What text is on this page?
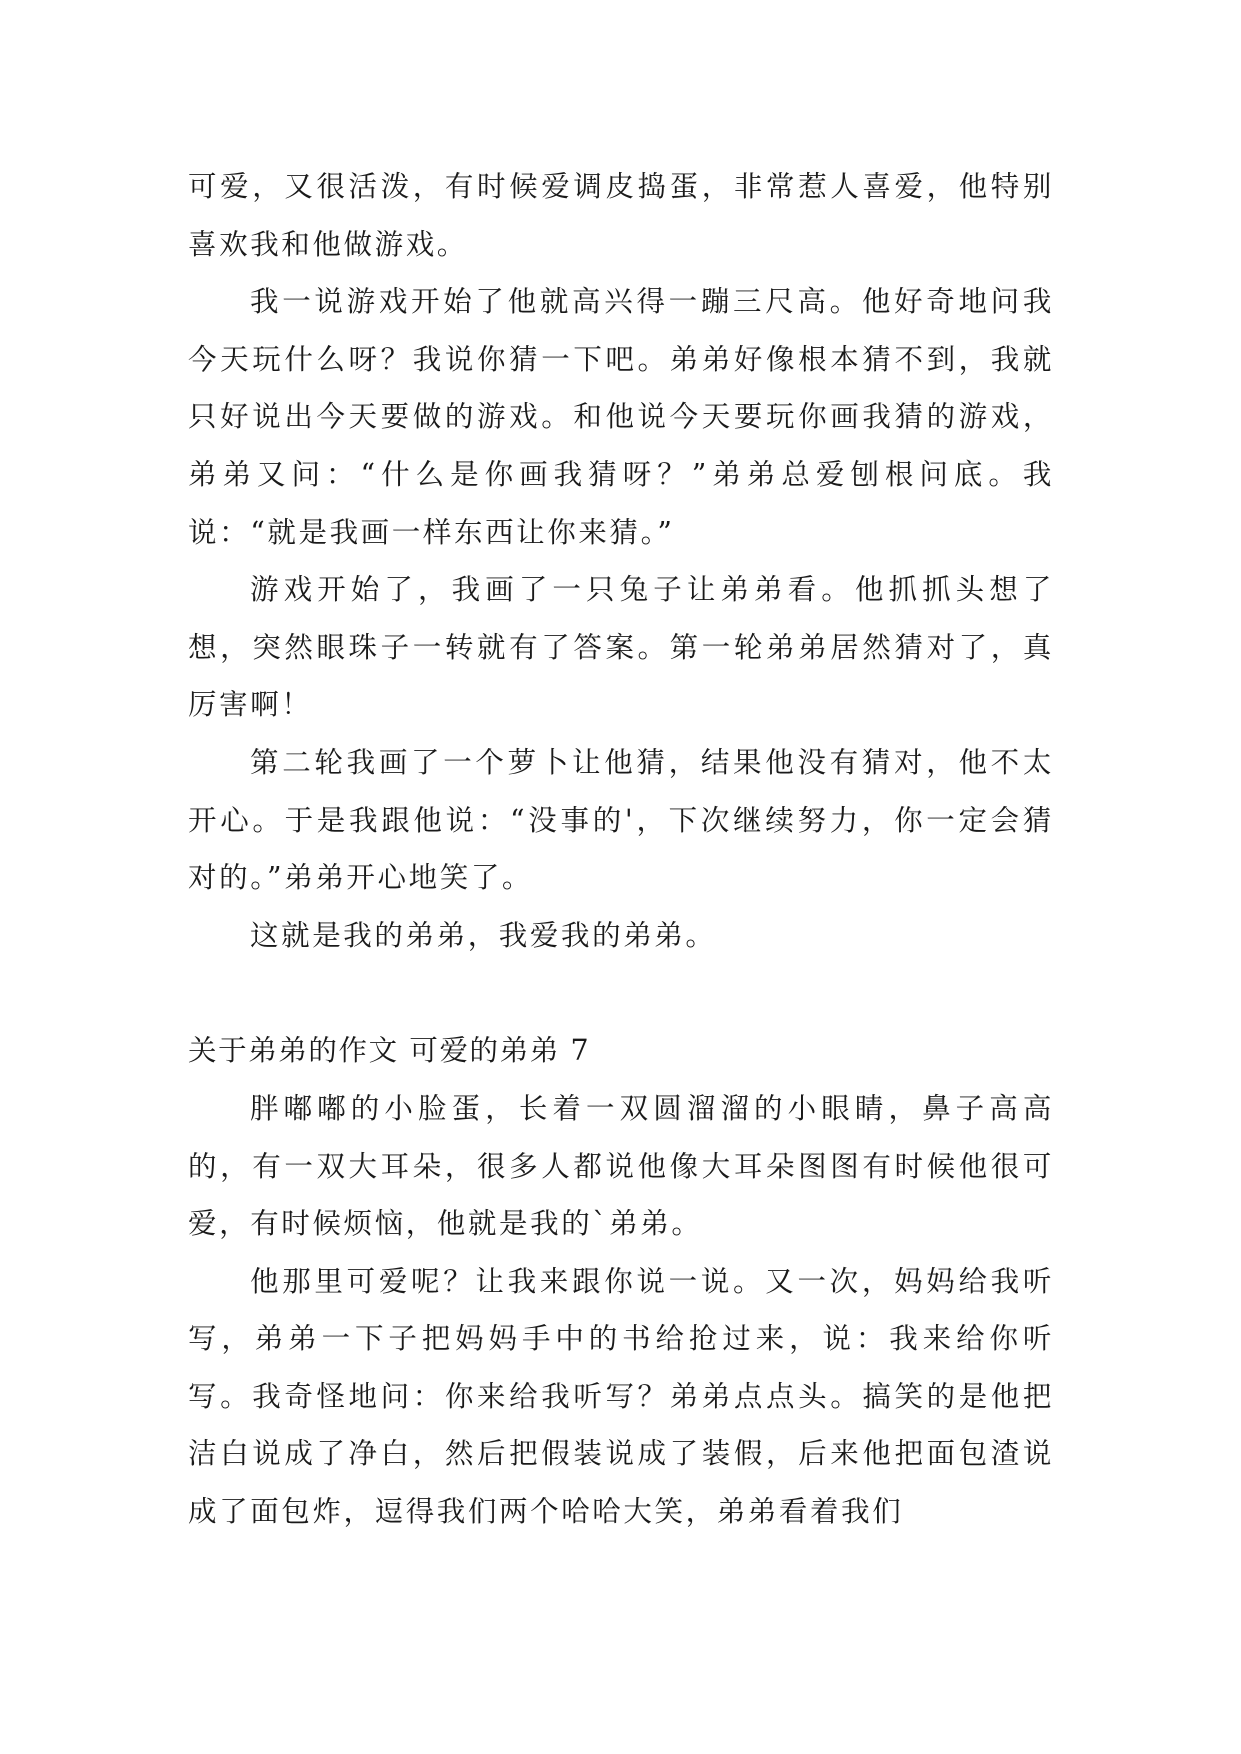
可爱，又很活泼，有时候爱调皮捣蛋，非常惹人喜爱，他特别喜欢我和他做游戏。

我一说游戏开始了他就高兴得一蹦三尺高。他好奇地问我今天玩什么呀？我说你猜一下吧。弟弟好像根本猜不到，我就只好说出今天要做的游戏。和他说今天要玩你画我猜的游戏，弟弟又问：“什么是你画我猜呀？”弟弟总爱刨根问底。我说：“就是我画一样东西让你来猜。”

游戏开始了，我画了一只兔子让弟弟看。他抓抓头想了想，突然眼珠子一转就有了答案。第一轮弟弟居然猜对了，真厉害啊！

第二轮我画了一个萝卜让他猜，结果他没有猜对，他不太开心。于是我跟他说：“没事的'，下次继续努力，你一定会猜对的。”弟弟开心地笑了。

这就是我的弟弟，我爱我的弟弟。

关于弟弟的作文 可爱的弟弟 7

胖嘟嘟的小脸蛋，长着一双圆溜溜的小眼睛，鼻子高高的，有一双大耳朵，很多人都说他像大耳朵图图有时候他很可爱，有时候烦恼，他就是我的`弟弟。

他那里可爱呢？让我来跟你说一说。又一次，妈妈给我听写，弟弟一下子把妈妈手中的书给抢过来，说：我来给你听写。我奇怪地问：你来给我听写？弟弟点点头。搞笑的是他把洁白说成了净白，然后把假装说成了装假，后来他把面包渣说成了面包炸，逗得我们两个哈哈大笑，弟弟看着我们
